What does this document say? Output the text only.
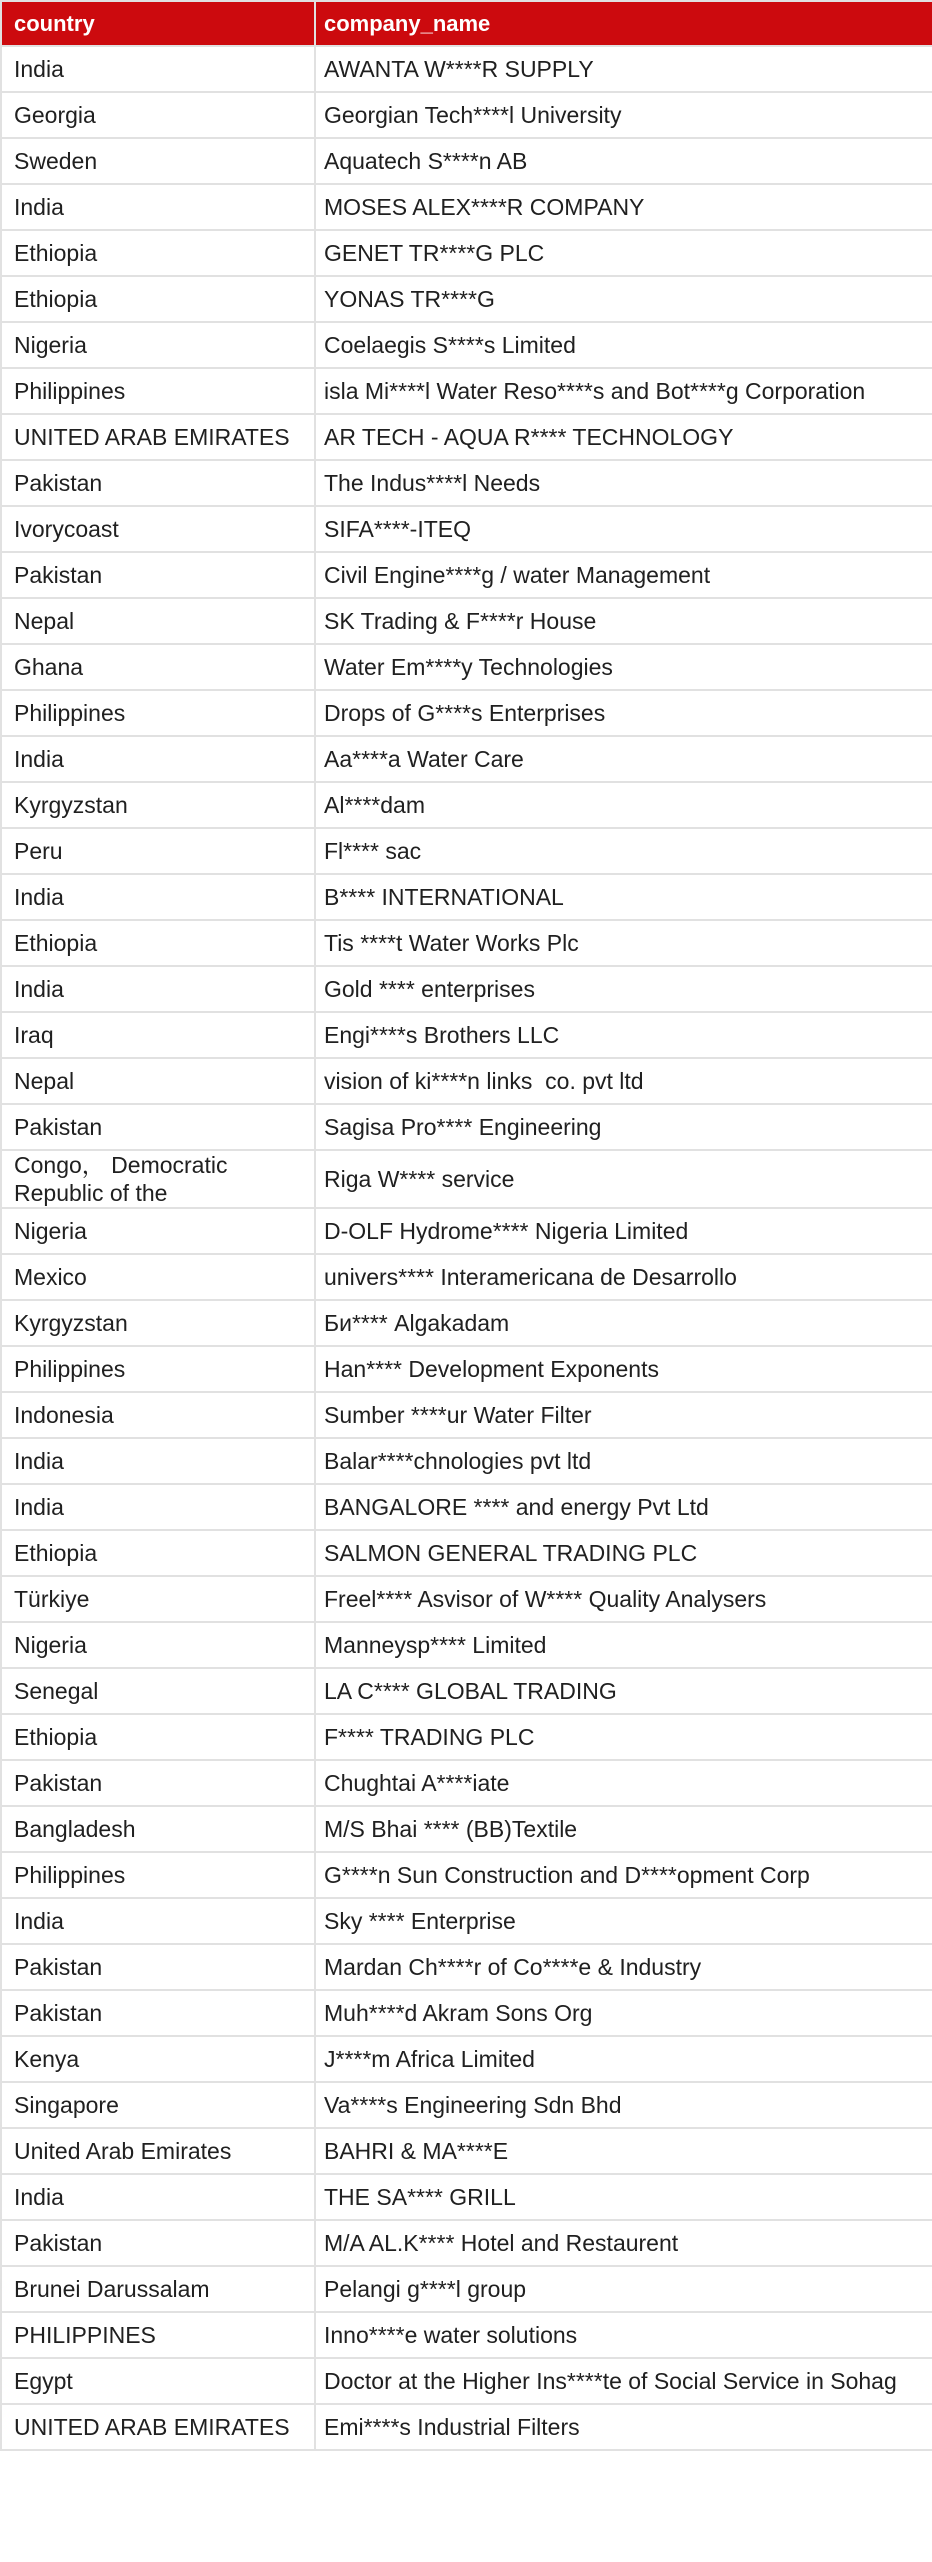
country	company_name
India	AWANTA W****R SUPPLY
Georgia	Georgian Tech****l University
Sweden	Aquatech S****n AB
India	MOSES ALEX****R COMPANY
Ethiopia	GENET TR****G PLC
Ethiopia	YONAS TR****G
Nigeria	Coelaegis S****s Limited
Philippines	isla Mi****l Water Reso****s and Bot****g Corporation
UNITED ARAB EMIRATES	AR TECH - AQUA R**** TECHNOLOGY
Pakistan	The Indus****l Needs
Ivorycoast	SIFA****-ITEQ
Pakistan	Civil Engine****g / water Management
Nepal	SK Trading & F****r House
Ghana	Water Em****y Technologies
Philippines	Drops of G****s Enterprises
India	Aa****a Water Care
Kyrgyzstan	Al****dam
Peru	Fl**** sac
India	B**** INTERNATIONAL
Ethiopia	Tis ****t Water Works Plc
India	Gold **** enterprises
Iraq	Engi****s Brothers LLC
Nepal	vision of ki****n links  co. pvt ltd
Pakistan	Sagisa Pro**** Engineering
Congo， Democratic Republic of the	Riga W**** service
Nigeria	D-OLF Hydrome**** Nigeria Limited
Mexico	univers**** Interamericana de Desarrollo
Kyrgyzstan	Би**** Algakadam
Philippines	Han**** Development Exponents
Indonesia	Sumber ****ur Water Filter
India	Balar****chnologies pvt ltd
India	BANGALORE **** and energy Pvt Ltd
Ethiopia	SALMON GENERAL TRADING PLC
Türkiye	Freel**** Asvisor of W**** Quality Analysers
Nigeria	Manneysp**** Limited
Senegal	LA C**** GLOBAL TRADING
Ethiopia	F**** TRADING PLC
Pakistan	Chughtai A****iate
Bangladesh	M/S Bhai **** (BB)Textile
Philippines	G****n Sun Construction and D****opment Corp
India	Sky **** Enterprise
Pakistan	Mardan Ch****r of Co****e & Industry
Pakistan	Muh****d Akram Sons Org
Kenya	J****m Africa Limited
Singapore	Va****s Engineering Sdn Bhd
United Arab Emirates	BAHRI & MA****E
India	THE SA**** GRILL
Pakistan	M/A AL.K**** Hotel and Restaurent
Brunei Darussalam	Pelangi g****l group
PHILIPPINES	Inno****e water solutions
Egypt	Doctor at the Higher Ins****te of Social Service in Sohag
UNITED ARAB EMIRATES	Emi****s Industrial Filters
